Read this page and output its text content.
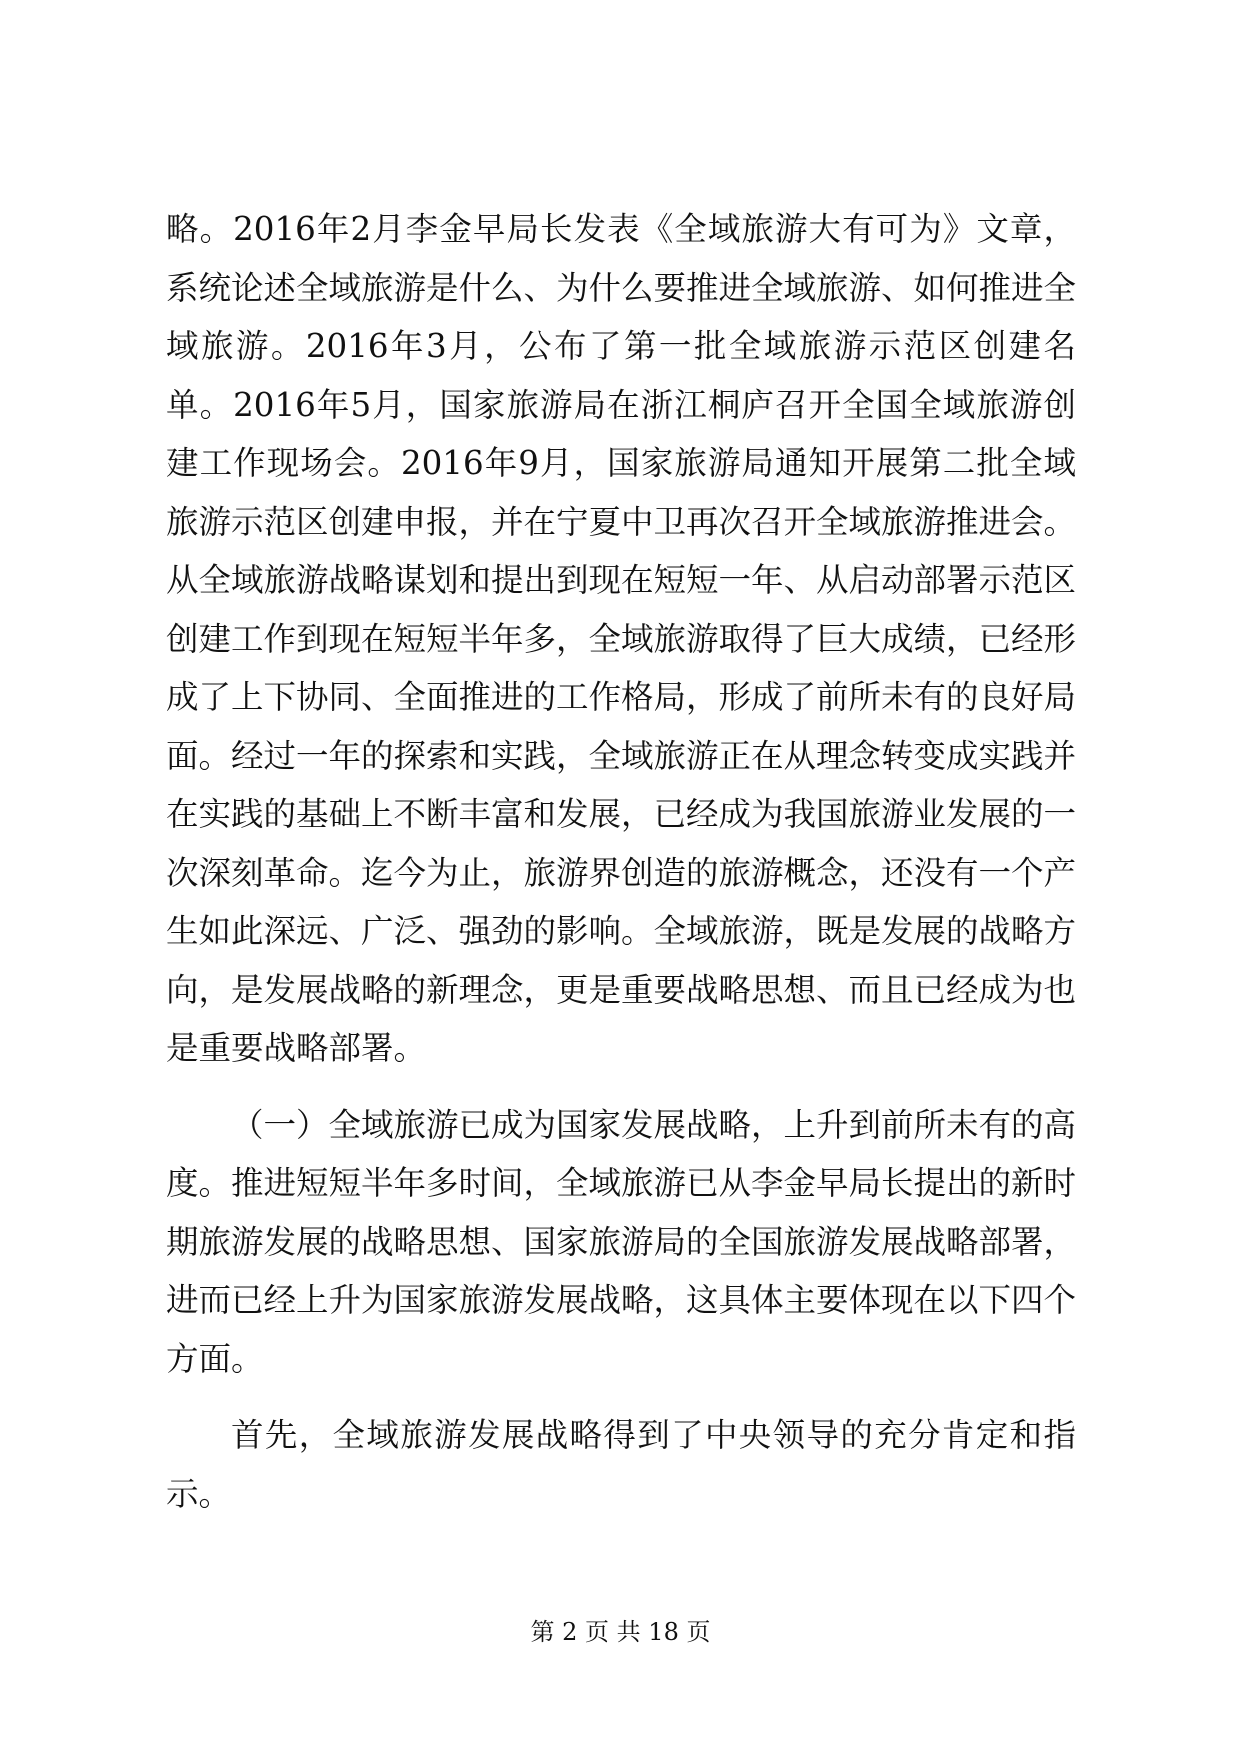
略。2016年2月李金早局长发表《全域旅游大有可为》文章，系统论述全域旅游是什么、为什么要推进全域旅游、如何推进全域旅游。2016年3月，公布了第一批全域旅游示范区创建名单。2016年5月，国家旅游局在浙江桐庐召开全国全域旅游创建工作现场会。2016年9月，国家旅游局通知开展第二批全域旅游示范区创建申报，并在宁夏中卫再次召开全域旅游推进会。从全域旅游战略谋划和提出到现在短短一年、从启动部署示范区创建工作到现在短短半年多，全域旅游取得了巨大成绩，已经形成了上下协同、全面推进的工作格局，形成了前所未有的良好局面。经过一年的探索和实践，全域旅游正在从理念转变成实践并在实践的基础上不断丰富和发展，已经成为我国旅游业发展的一次深刻革命。迄今为止，旅游界创造的旅游概念，还没有一个产生如此深远、广泛、强劲的影响。全域旅游，既是发展的战略方向，是发展战略的新理念，更是重要战略思想、而且已经成为也是重要战略部署。

（一）全域旅游已成为国家发展战略，上升到前所未有的高度。推进短短半年多时间，全域旅游已从李金早局长提出的新时期旅游发展的战略思想、国家旅游局的全国旅游发展战略部署，进而已经上升为国家旅游发展战略，这具体主要体现在以下四个方面。

首先，全域旅游发展战略得到了中央领导的充分肯定和指示。

第 2 页 共 18 页
